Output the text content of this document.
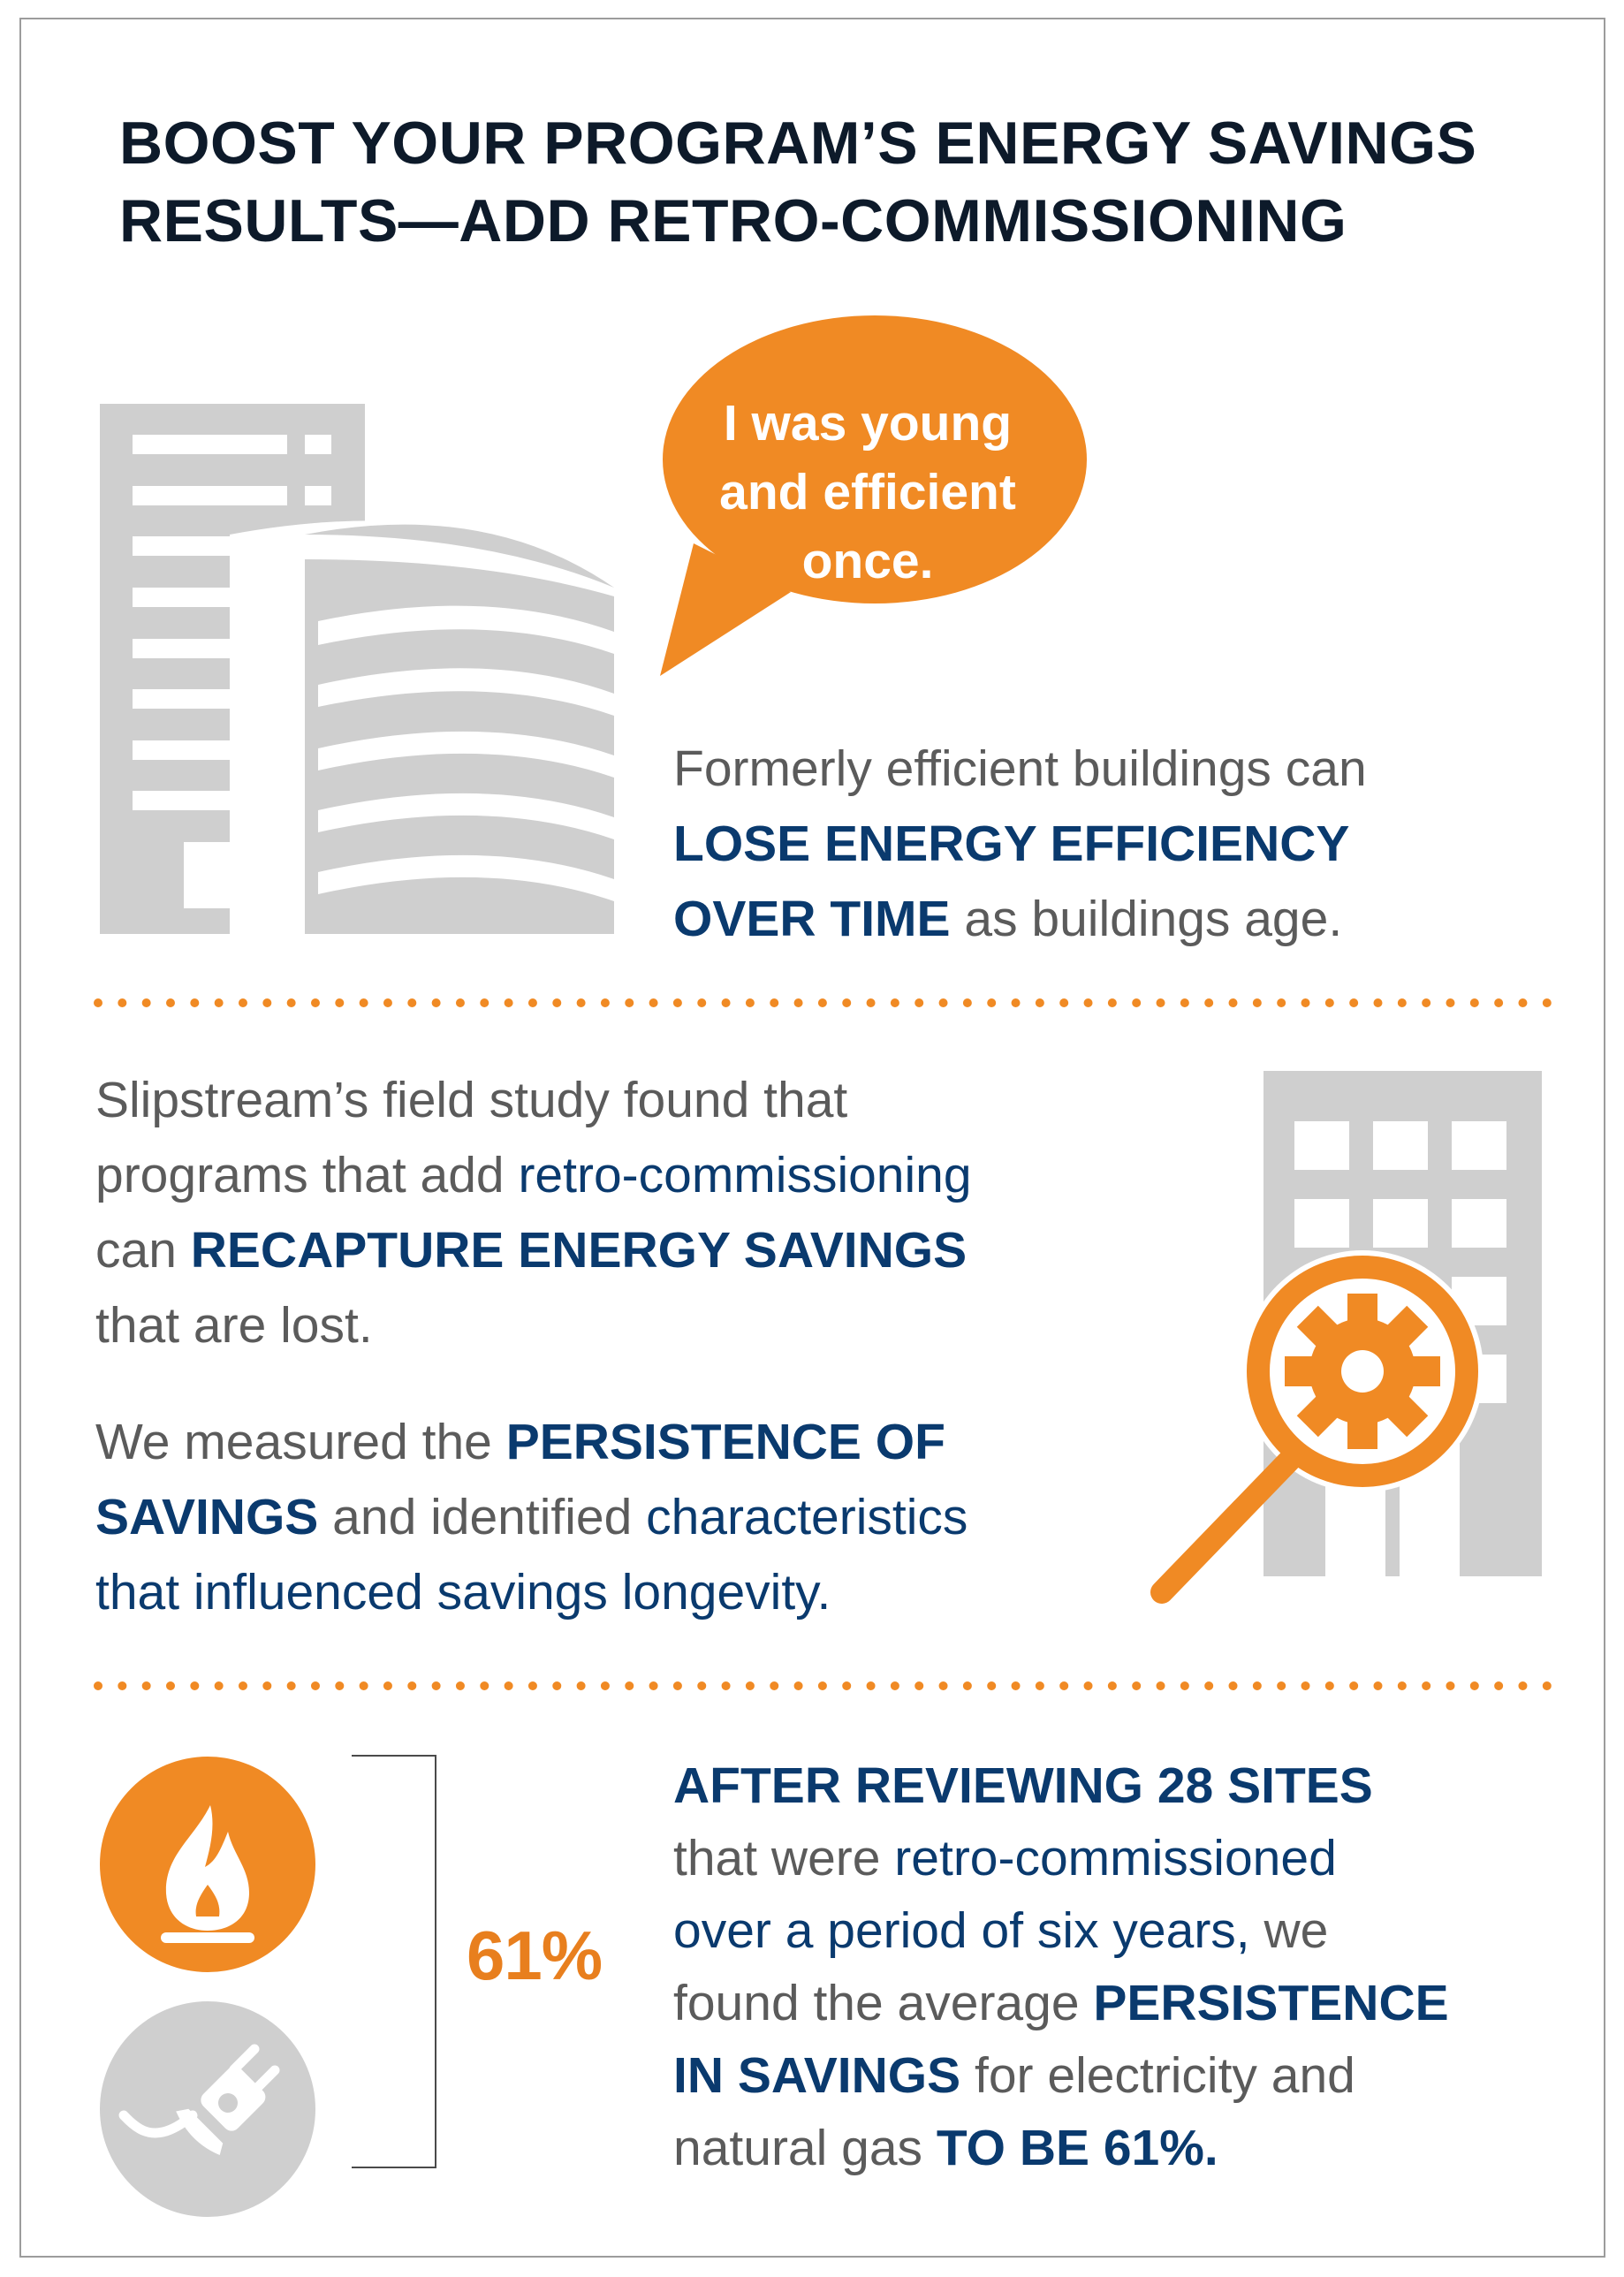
BOOST YOUR PROGRAM’S ENERGY SAVINGS
RESULTS—ADD RETRO-COMMISSIONING
I was young
and efficient
once.

Formerly efficient buildings can
LOSE ENERGY EFFICIENCY
OVER TIME as buildings age.

Slipstream’s field study found that
programs that add retro-commissioning
can RECAPTURE ENERGY SAVINGS
that are lost.

We measured the PERSISTENCE OF
SAVINGS and identified characteristics
that influenced savings longevity.

61%

AFTER REVIEWING 28 SITES
that were retro-commissioned
over a period of six years, we
found the average PERSISTENCE
IN SAVINGS for electricity and
natural gas TO BE 61%.
